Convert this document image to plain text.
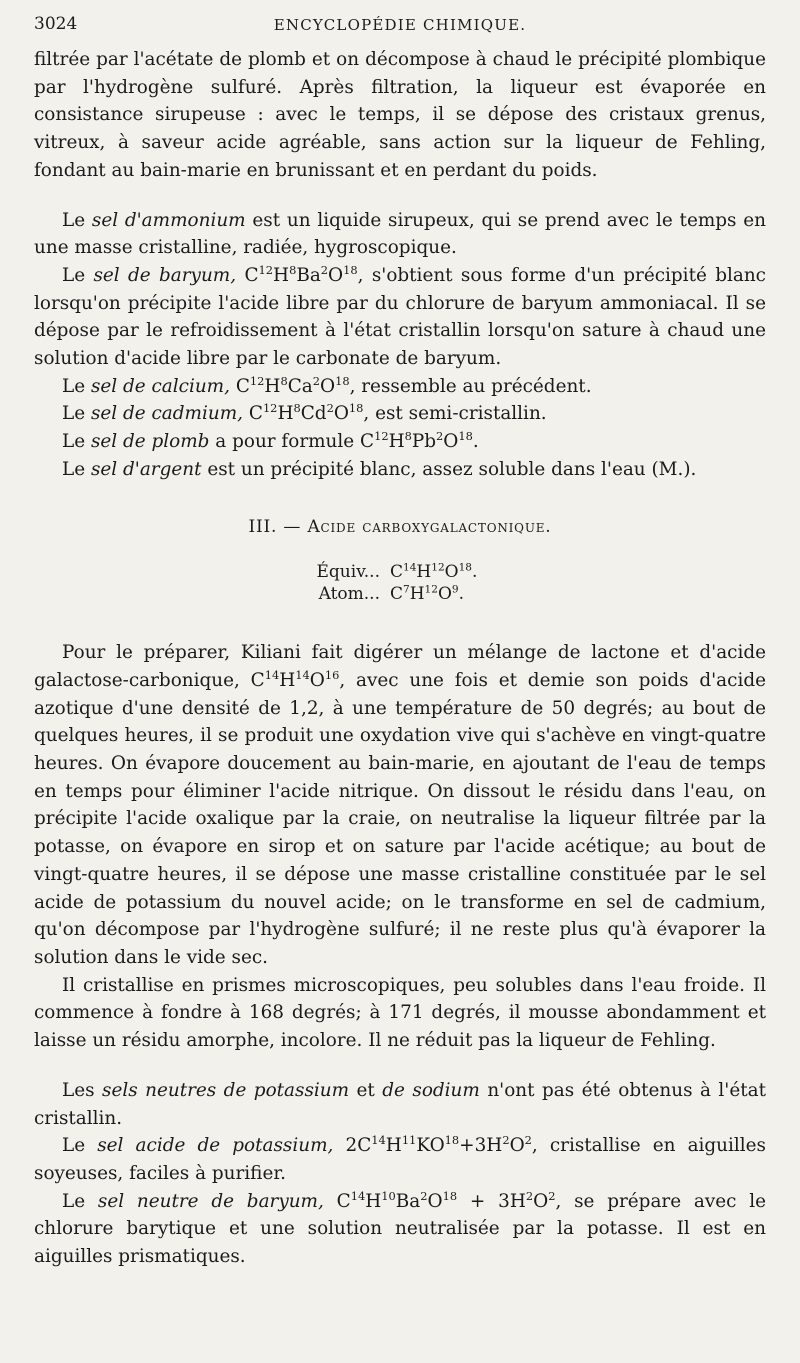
3024	ENCYCLOPÉDIE CHIMIQUE.

filtrée par l'acétate de plomb et on décompose à chaud le précipité plombique par l'hydrogène sulfuré. Après filtration, la liqueur est évaporée en consistance sirupeuse : avec le temps, il se dépose des cristaux grenus, vitreux, à saveur acide agréable, sans action sur la liqueur de Fehling, fondant au bain-marie en brunissant et en perdant du poids.

Le sel d'ammonium est un liquide sirupeux, qui se prend avec le temps en une masse cristalline, radiée, hygroscopique.

Le sel de baryum, $C^{12}H^8Ba^2O^{18}$, s'obtient sous forme d'un précipité blanc lorsqu'on précipite l'acide libre par du chlorure de baryum ammoniacal. Il se dépose par le refroidissement à l'état cristallin lorsqu'on sature à chaud une solution d'acide libre par le carbonate de baryum.

Le sel de calcium, $C^{12}H^8Ca^2O^{18}$, ressemble au précédent.

Le sel de cadmium, $C^{12}H^8Cd^2O^{18}$, est semi-cristallin.

Le sel de plomb a pour formule $C^{12}H^8Pb^2O^{18}$.

Le sel d'argent est un précipité blanc, assez soluble dans l'eau (M.).

III. — Acide carboxygalactonique.
Équiv... $C^{14}H^{12}O^{18}$.
Atom... $C^7H^{12}O^9$.

Pour le préparer, Kiliani fait digérer un mélange de lactone et d'acide galactose-carbonique, $C^{14}H^{14}O^{16}$, avec une fois et demie son poids d'acide azotique d'une densité de 1,2, à une température de 50 degrés; au bout de quelques heures, il se produit une oxydation vive qui s'achève en vingt-quatre heures. On évapore doucement au bain-marie, en ajoutant de l'eau de temps en temps pour éliminer l'acide nitrique. On dissout le résidu dans l'eau, on précipite l'acide oxalique par la craie, on neutralise la liqueur filtrée par la potasse, on évapore en sirop et on sature par l'acide acétique; au bout de vingt-quatre heures, il se dépose une masse cristalline constituée par le sel acide de potassium du nouvel acide; on le transforme en sel de cadmium, qu'on décompose par l'hydrogène sulfuré; il ne reste plus qu'à évaporer la solution dans le vide sec.

Il cristallise en prismes microscopiques, peu solubles dans l'eau froide. Il commence à fondre à 168 degrés; à 171 degrés, il mousse abondamment et laisse un résidu amorphe, incolore. Il ne réduit pas la liqueur de Fehling.

Les sels neutres de potassium et de sodium n'ont pas été obtenus à l'état cristallin.

Le sel acide de potassium, $2C^{14}H^{11}KO^{18}+3H^2O^2$, cristallise en aiguilles soyeuses, faciles à purifier.

Le sel neutre de baryum, $C^{14}H^{10}Ba^2O^{18} + 3H^2O^2$, se prépare avec le chlorure barytique et une solution neutralisée par la potasse. Il est en aiguilles prismatiques.
